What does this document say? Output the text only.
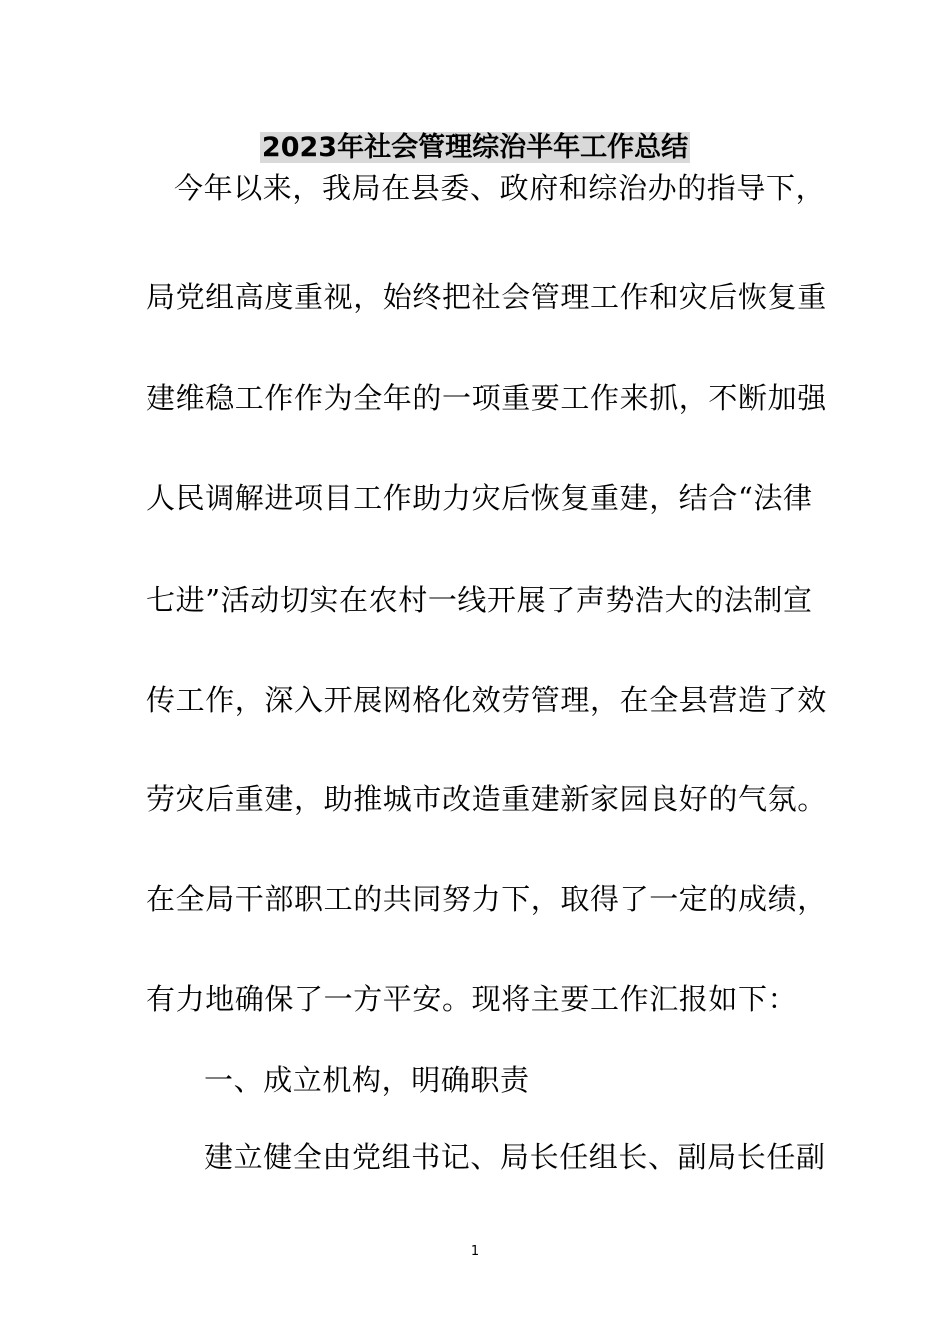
2023年社会管理综治半年工作总结
今年以来，我局在县委、政府和综治办的指导下，
局党组高度重视，始终把社会管理工作和灾后恢复重
建维稳工作作为全年的一项重要工作来抓，不断加强
人民调解进项目工作助力灾后恢复重建，结合“法律
七进”活动切实在农村一线开展了声势浩大的法制宣
传工作，深入开展网格化效劳管理，在全县营造了效
劳灾后重建，助推城市改造重建新家园良好的气氛。
在全局干部职工的共同努力下，取得了一定的成绩，
有力地确保了一方平安。现将主要工作汇报如下：
一、成立机构，明确职责
建立健全由党组书记、局长任组长、副局长任副
1
